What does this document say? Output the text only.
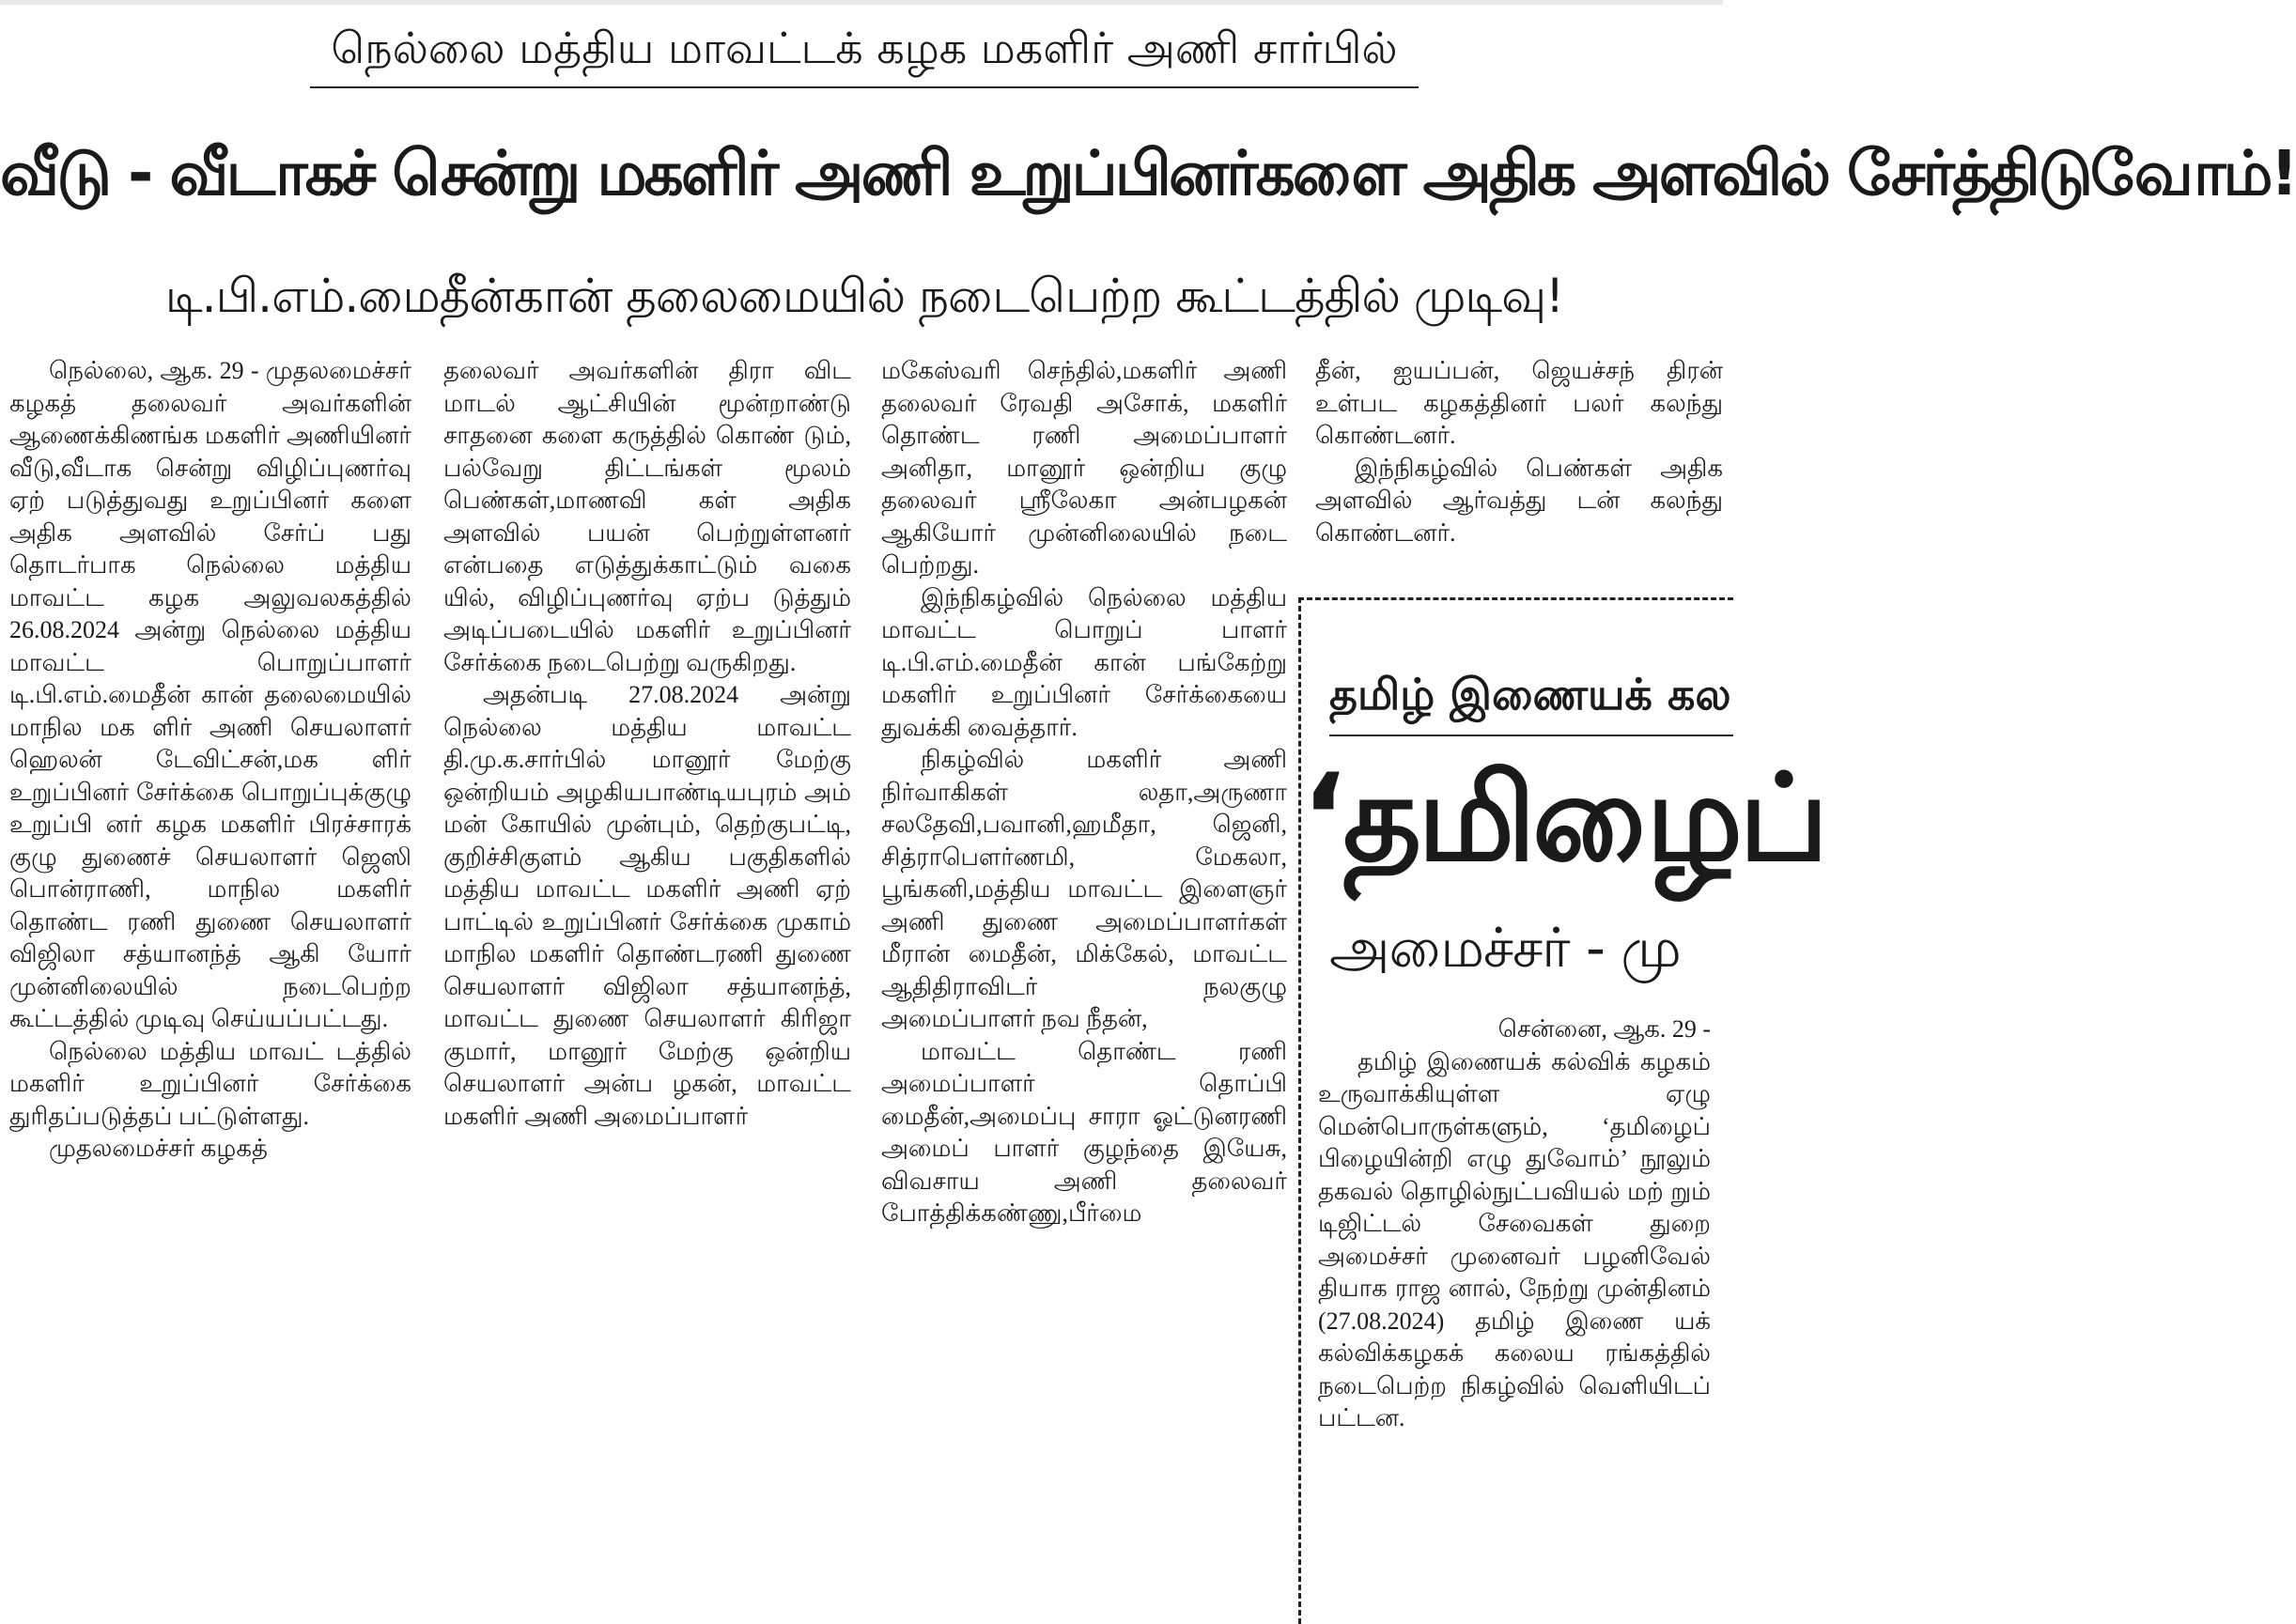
நெல்லை மத்திய மாவட்டக் கழக மகளிர் அணி சார்பில்
வீடு - வீடாகச் சென்று மகளிர் அணி உறுப்பினர்களை அதிக அளவில் சேர்த்திடுவோம்!
டி.பி.எம்.மைதீன்கான் தலைமையில் நடைபெற்ற கூட்டத்தில் முடிவு!

நெல்லை, ஆக. 29 - முதலமைச்சர் கழகத் தலைவர் அவர்களின் ஆணைக்கிணங்க மகளிர் அணியினர் வீடு,வீடாக சென்று விழிப்புணர்வு ஏற் படுத்துவது உறுப்பினர் களை அதிக அளவில் சேர்ப் பது தொடர்பாக நெல்லை மத்திய மாவட்ட கழக அலுவலகத்தில் 26.08.2024 அன்று நெல்லை மத்திய மாவட்ட பொறுப்பாளர் டி.பி.எம்.மைதீன் கான் தலைமையில் மாநில மக ளிர் அணி செயலாளர் ஹெலன் டேவிட்சன்,மக ளிர் உறுப்பினர் சேர்க்கை பொறுப்புக்குழு உறுப்பி னர் கழக மகளிர் பிரச்சாரக் குழு துணைச் செயலாளர் ஜெஸி பொன்ராணி, மாநில மகளிர் தொண்ட ரணி துணை செயலாளர் விஜிலா சத்யானந்த் ஆகி யோர் முன்னிலையில் நடைபெற்ற கூட்டத்தில் முடிவு செய்யப்பட்டது.

நெல்லை மத்திய மாவட் டத்தில் மகளிர் உறுப்பினர் சேர்க்கை துரிதப்படுத்தப் பட்டுள்ளது.

முதலமைச்சர் கழகத்

தலைவர் அவர்களின் திரா விட மாடல் ஆட்சியின் மூன்றாண்டு சாதனை களை கருத்தில் கொண் டும், பல்வேறு திட்டங்கள் மூலம் பெண்கள்,மாணவி கள் அதிக அளவில் பயன் பெற்றுள்ளனர் என்பதை எடுத்துக்காட்டும் வகை யில், விழிப்புணர்வு ஏற்ப டுத்தும் அடிப்படையில் மகளிர் உறுப்பினர் சேர்க்கை நடைபெற்று வருகிறது.

அதன்படி 27.08.2024 அன்று நெல்லை மத்திய மாவட்ட தி.மு.க.சார்பில் மானூர் மேற்கு ஒன்றியம் அழகியபாண்டியபுரம் அம் மன் கோயில் முன்பும், தெற்குபட்டி, குறிச்சிகுளம் ஆகிய பகுதிகளில் மத்திய மாவட்ட மகளிர் அணி ஏற் பாட்டில் உறுப்பினர் சேர்க்கை முகாம் மாநில மகளிர் தொண்டரணி துணை செயலாளர் விஜிலா சத்யானந்த், மாவட்ட துணை செயலாளர் கிரிஜா குமார், மானூர் மேற்கு ஒன்றிய செயலாளர் அன்ப ழகன், மாவட்ட மகளிர் அணி அமைப்பாளர்

மகேஸ்வரி செந்தில்,மகளிர் அணி தலைவர் ரேவதி அசோக், மகளிர் தொண்ட ரணி அமைப்பாளர் அனிதா, மானூர் ஒன்றிய குழு தலைவர் ஸ்ரீலேகா அன்பழகன் ஆகியோர் முன்னிலையில் நடை பெற்றது.

இந்நிகழ்வில் நெல்லை மத்திய மாவட்ட பொறுப் பாளர் டி.பி.எம்.மைதீன் கான் பங்கேற்று மகளிர் உறுப்பினர் சேர்க்கையை துவக்கி வைத்தார்.

நிகழ்வில் மகளிர் அணி நிர்வாகிகள் லதா,அருணா சலதேவி,பவானி,ஹமீதா, ஜெனி, சித்ராபௌர்ணமி, மேகலா, பூங்கனி,மத்திய மாவட்ட இளைஞர் அணி துணை அமைப்பாளர்கள் மீரான் மைதீன், மிக்கேல், மாவட்ட ஆதிதிராவிடர் நலகுழு அமைப்பாளர் நவ நீதன்,

மாவட்ட தொண்ட ரணி அமைப்பாளர் தொப்பி மைதீன்,அமைப்பு சாரா ஓட்டுனரணி அமைப் பாளர் குழந்தை இயேசு, விவசாய அணி தலைவர் போத்திக்கண்ணு,பீர்மை

தீன், ஐயப்பன், ஜெயச்சந் திரன் உள்பட கழகத்தினர் பலர் கலந்து கொண்டனர்.

இந்நிகழ்வில் பெண்கள் அதிக அளவில் ஆர்வத்து டன் கலந்து கொண்டனர்.

தமிழ் இணையக் கல
‘தமிழைப்
அமைச்சர் - மு

சென்னை, ஆக. 29 -

தமிழ் இணையக் கல்விக் கழகம் உருவாக்கியுள்ள ஏழு மென்பொருள்களும், ‘தமிழைப் பிழையின்றி எழு துவோம்’ நூலும் தகவல் தொழில்நுட்பவியல் மற் றும் டிஜிட்டல் சேவைகள் துறை அமைச்சர் முனைவர் பழனிவேல் தியாக ராஜ னால், நேற்று முன்தினம் (27.08.2024) தமிழ் இணை யக் கல்விக்கழகக் கலைய ரங்கத்தில் நடைபெற்ற நிகழ்வில் வெளியிடப் பட்டன.
